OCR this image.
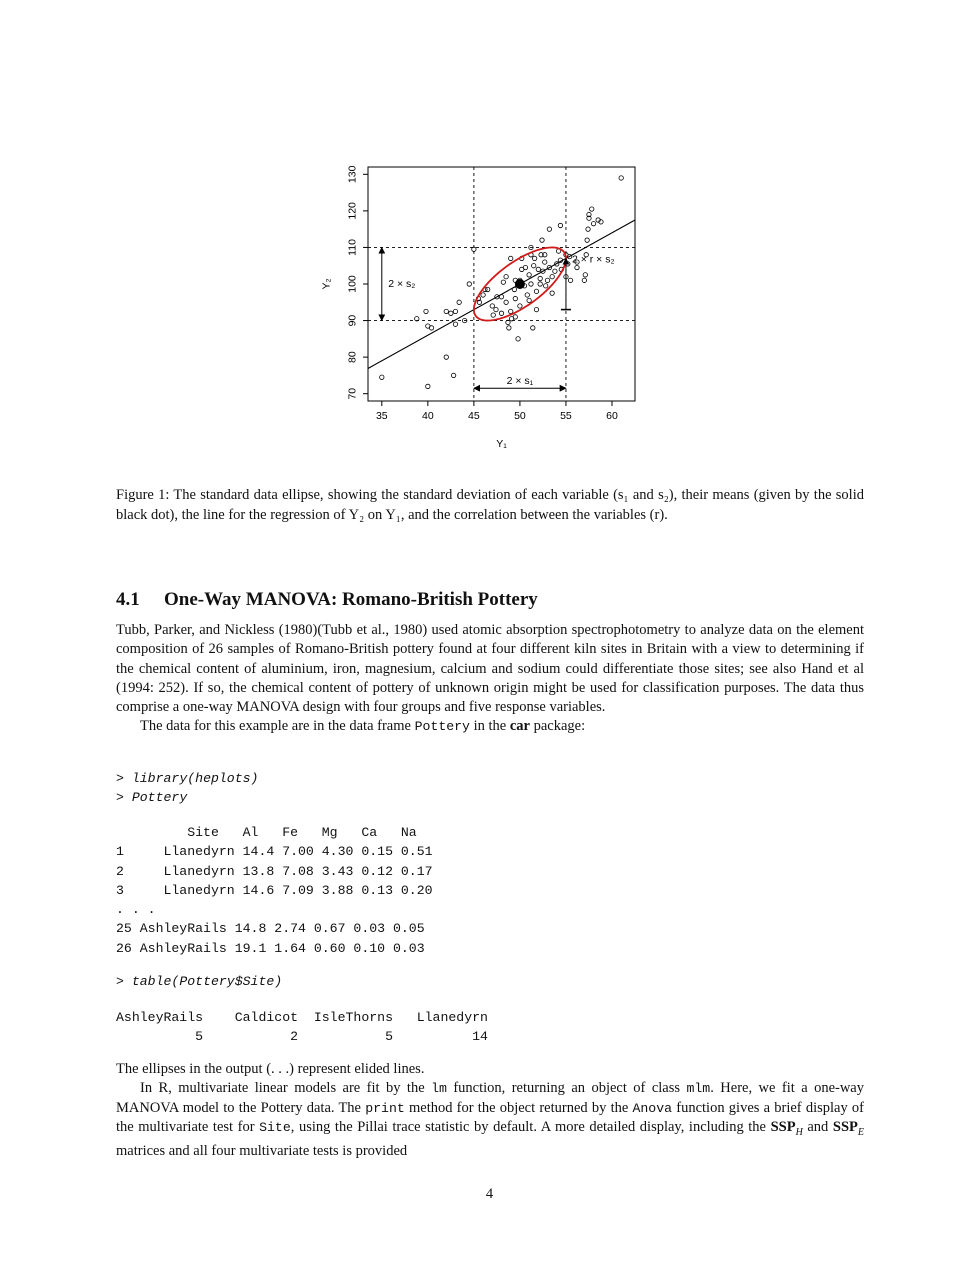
35	40	45	50	55	60
70
80
90
100
110
120
130
Y₁
Y₂	2 × s₂
2 × s₁
2 × r × s₂
Figure 1: The standard data ellipse, showing the standard deviation of each variable (s₁ and s₂), their means (given by the solid black dot), the line for the regression of Y₂ on Y₁, and the correlation between the variables (r).
4.1 One-Way MANOVA: Romano-British Pottery

Tubb, Parker, and Nickless (1980)(Tubb et al., 1980) used atomic absorption spectrophotometry to analyze data on the element composition of 26 samples of Romano-British pottery found at four different kiln sites in Britain with a view to determining if the chemical content of aluminium, iron, magnesium, calcium and sodium could differentiate those sites; see also Hand et al (1994: 252). If so, the chemical content of pottery of unknown origin might be used for classification purposes. The data thus comprise a one-way MANOVA design with four groups and five response variables.

The data for this example are in the data frame Pottery in the car package:

> library(heplots)
> Pottery
Site   Al   Fe   Mg   Ca   Na
1     Llanedyrn 14.4 7.00 4.30 0.15 0.51
2     Llanedyrn 13.8 7.08 3.43 0.12 0.17
3     Llanedyrn 14.6 7.09 3.88 0.13 0.20
. . .
25 AshleyRails 14.8 2.74 0.67 0.03 0.05
26 AshleyRails 19.1 1.64 0.60 0.10 0.03
> table(Pottery$Site)
AshleyRails    Caldicot  IsleThorns   Llanedyrn
5           2           5          14

The ellipses in the output (. . .) represent elided lines.

In R, multivariate linear models are fit by the lm function, returning an object of class mlm. Here, we fit a one-way MANOVA model to the Pottery data. The print method for the object returned by the Anova function gives a brief display of the multivariate test for Site, using the Pillai trace statistic by default. A more detailed display, including the $SSP_H$ and $SSP_E$ matrices and all four multivariate tests is provided

4
